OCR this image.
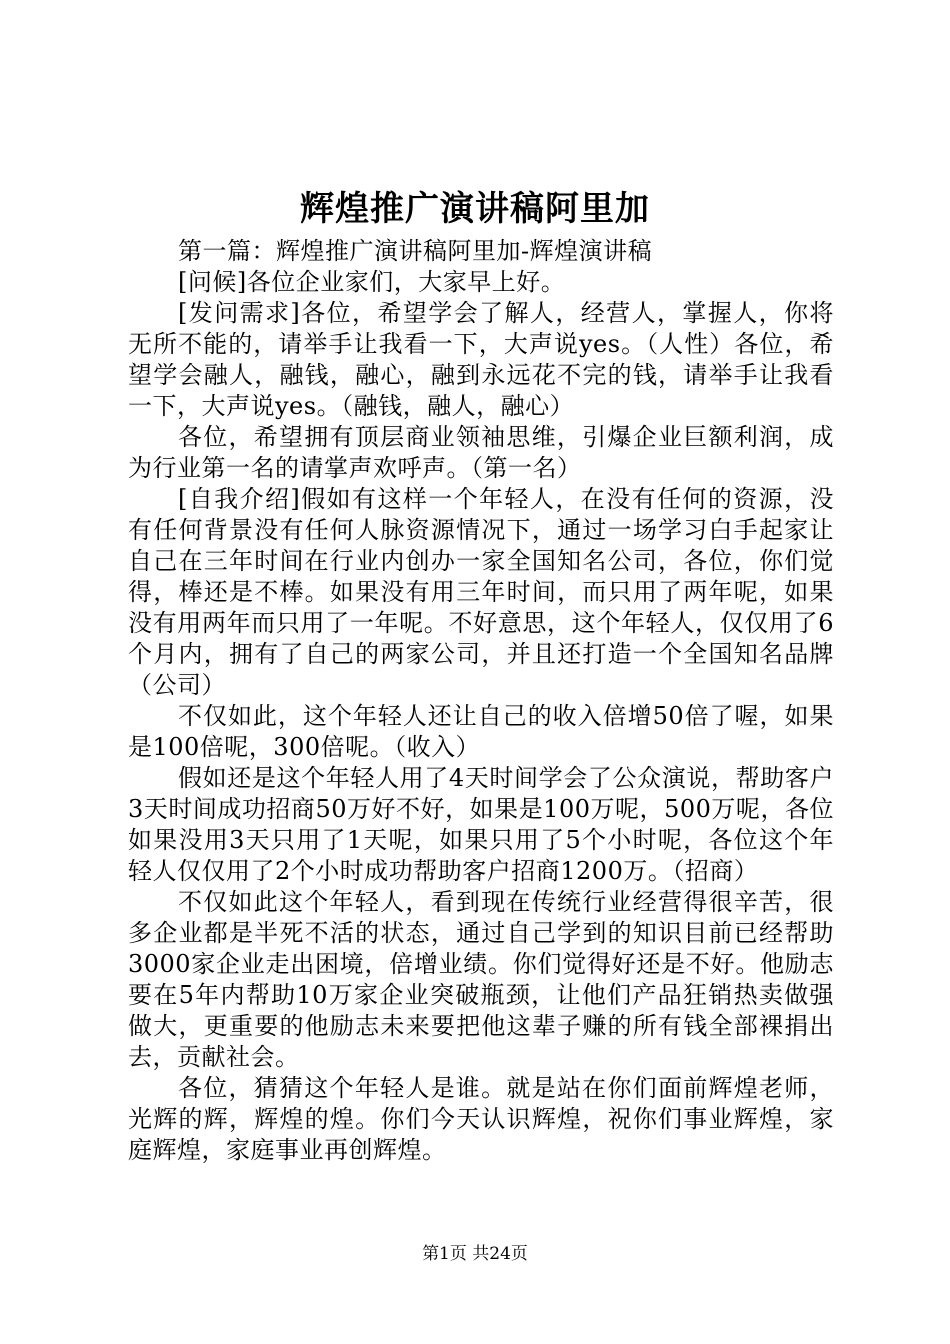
辉煌推广演讲稿阿里加

第一篇：辉煌推广演讲稿阿里加-辉煌演讲稿

[问候]各位企业家们，大家早上好。

[发问需求]各位，希望学会了解人，经营人，掌握人，你将无所不能的，请举手让我看一下，大声说yes。（人性）各位，希望学会融人，融钱，融心，融到永远花不完的钱，请举手让我看一下，大声说yes。（融钱，融人，融心）

各位，希望拥有顶层商业领袖思维，引爆企业巨额利润，成为行业第一名的请掌声欢呼声。（第一名）

[自我介绍]假如有这样一个年轻人，在没有任何的资源，没有任何背景没有任何人脉资源情况下，通过一场学习白手起家让自己在三年时间在行业内创办一家全国知名公司，各位，你们觉得，棒还是不棒。如果没有用三年时间，而只用了两年呢，如果没有用两年而只用了一年呢。不好意思，这个年轻人，仅仅用了6个月内，拥有了自己的两家公司，并且还打造一个全国知名品牌（公司）

不仅如此，这个年轻人还让自己的收入倍增50倍了喔，如果是100倍呢，300倍呢。（收入）

假如还是这个年轻人用了4天时间学会了公众演说，帮助客户3天时间成功招商50万好不好，如果是100万呢，500万呢，各位如果没用3天只用了1天呢，如果只用了5个小时呢，各位这个年轻人仅仅用了2个小时成功帮助客户招商1200万。（招商）

不仅如此这个年轻人，看到现在传统行业经营得很辛苦，很多企业都是半死不活的状态，通过自己学到的知识目前已经帮助3000家企业走出困境，倍增业绩。你们觉得好还是不好。他励志要在5年内帮助10万家企业突破瓶颈，让他们产品狂销热卖做强做大，更重要的他励志未来要把他这辈子赚的所有钱全部裸捐出去，贡献社会。

各位，猜猜这个年轻人是谁。就是站在你们面前辉煌老师，光辉的辉，辉煌的煌。你们今天认识辉煌，祝你们事业辉煌，家庭辉煌，家庭事业再创辉煌。

第1页 共24页
